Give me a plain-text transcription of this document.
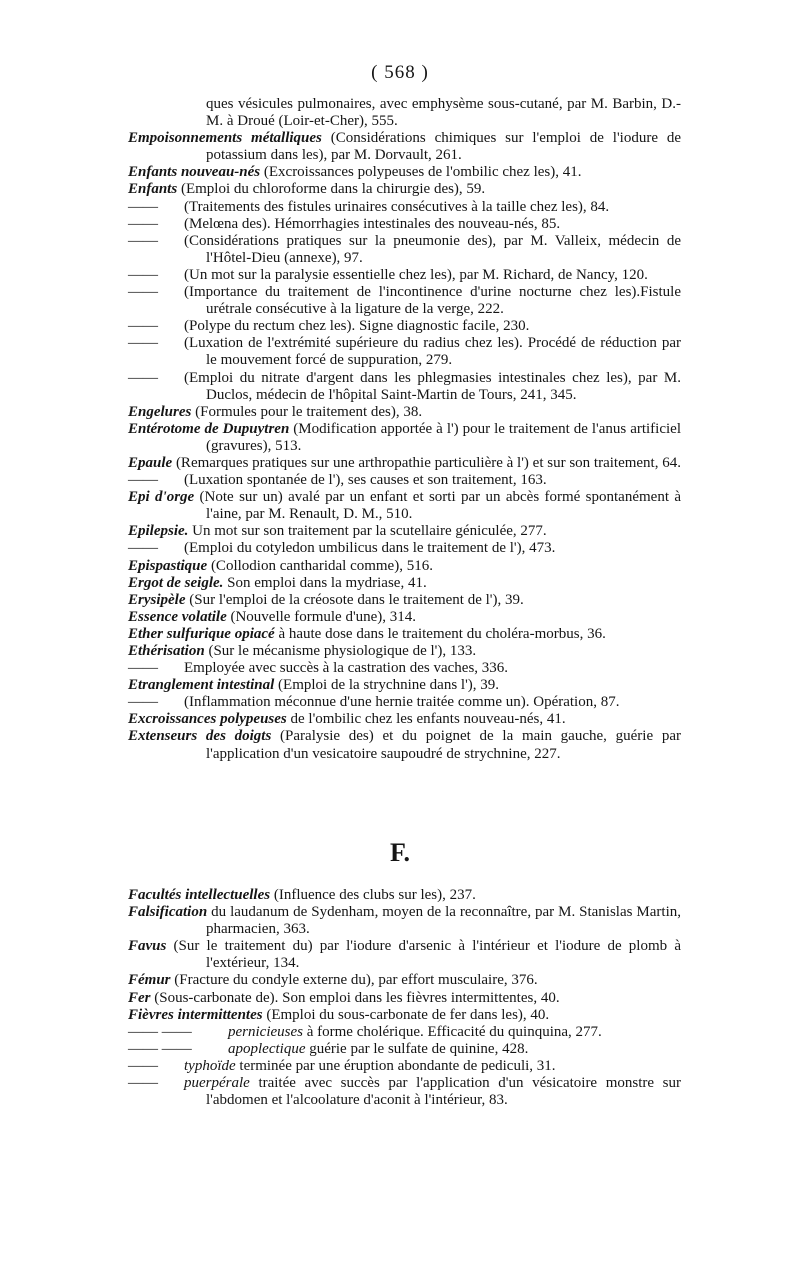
( 568 )

ques vésicules pulmonaires, avec emphysème sous-cutané, par M. Barbin, D.-M. à Droué (Loir-et-Cher), 555.

Empoisonnements métalliques (Considérations chimiques sur l'emploi de l'iodure de potassium dans les), par M. Dorvault, 261.

Enfants nouveau-nés (Excroissances polypeuses de l'ombilic chez les), 41.

Enfants (Emploi du chloroforme dans la chirurgie des), 59.

—— (Traitements des fistules urinaires consécutives à la taille chez les), 84.

—— (Melœna des). Hémorrhagies intestinales des nouveau-nés, 85.

—— (Considérations pratiques sur la pneumonie des), par M. Valleix, médecin de l'Hôtel-Dieu (annexe), 97.

—— (Un mot sur la paralysie essentielle chez les), par M. Richard, de Nancy, 120.

—— (Importance du traitement de l'incontinence d'urine nocturne chez les).Fistule urétrale consécutive à la ligature de la verge, 222.

—— (Polype du rectum chez les). Signe diagnostic facile, 230.

—— (Luxation de l'extrémité supérieure du radius chez les). Procédé de réduction par le mouvement forcé de suppuration, 279.

—— (Emploi du nitrate d'argent dans les phlegmasies intestinales chez les), par M. Duclos, médecin de l'hôpital Saint-Martin de Tours, 241, 345.

Engelures (Formules pour le traitement des), 38.

Entérotome de Dupuytren (Modification apportée à l') pour le traitement de l'anus artificiel (gravures), 513.

Epaule (Remarques pratiques sur une arthropathie particulière à l') et sur son traitement, 64.

—— (Luxation spontanée de l'), ses causes et son traitement, 163.

Epi d'orge (Note sur un) avalé par un enfant et sorti par un abcès formé spontanément à l'aine, par M. Renault, D. M., 510.

Epilepsie. Un mot sur son traitement par la scutellaire géniculée, 277.

—— (Emploi du cotyledon umbilicus dans le traitement de l'), 473.

Epispastique (Collodion cantharidal comme), 516.

Ergot de seigle. Son emploi dans la mydriase, 41.

Erysipèle (Sur l'emploi de la créosote dans le traitement de l'), 39.

Essence volatile (Nouvelle formule d'une), 314.

Ether sulfurique opiacé à haute dose dans le traitement du choléra-morbus, 36.

Ethérisation (Sur le mécanisme physiologique de l'), 133.

—— Employée avec succès à la castration des vaches, 336.

Etranglement intestinal (Emploi de la strychnine dans l'), 39.

—— (Inflammation méconnue d'une hernie traitée comme un). Opération, 87.

Excroissances polypeuses de l'ombilic chez les enfants nouveau-nés, 41.

Extenseurs des doigts (Paralysie des) et du poignet de la main gauche, guérie par l'application d'un vesicatoire saupoudré de strychnine, 227.

F.

Facultés intellectuelles (Influence des clubs sur les), 237.

Falsification du laudanum de Sydenham, moyen de la reconnaître, par M. Stanislas Martin, pharmacien, 363.

Favus (Sur le traitement du) par l'iodure d'arsenic à l'intérieur et l'iodure de plomb à l'extérieur, 134.

Fémur (Fracture du condyle externe du), par effort musculaire, 376.

Fer (Sous-carbonate de). Son emploi dans les fièvres intermittentes, 40.

Fièvres intermittentes (Emploi du sous-carbonate de fer dans les), 40.

—— —— pernicieuses à forme cholérique. Efficacité du quinquina, 277.

—— —— apoplectique guérie par le sulfate de quinine, 428.

—— typhoïde terminée par une éruption abondante de pediculi, 31.

—— puerpérale traitée avec succès par l'application d'un vésicatoire monstre sur l'abdomen et l'alcoolature d'aconit à l'intérieur, 83.
